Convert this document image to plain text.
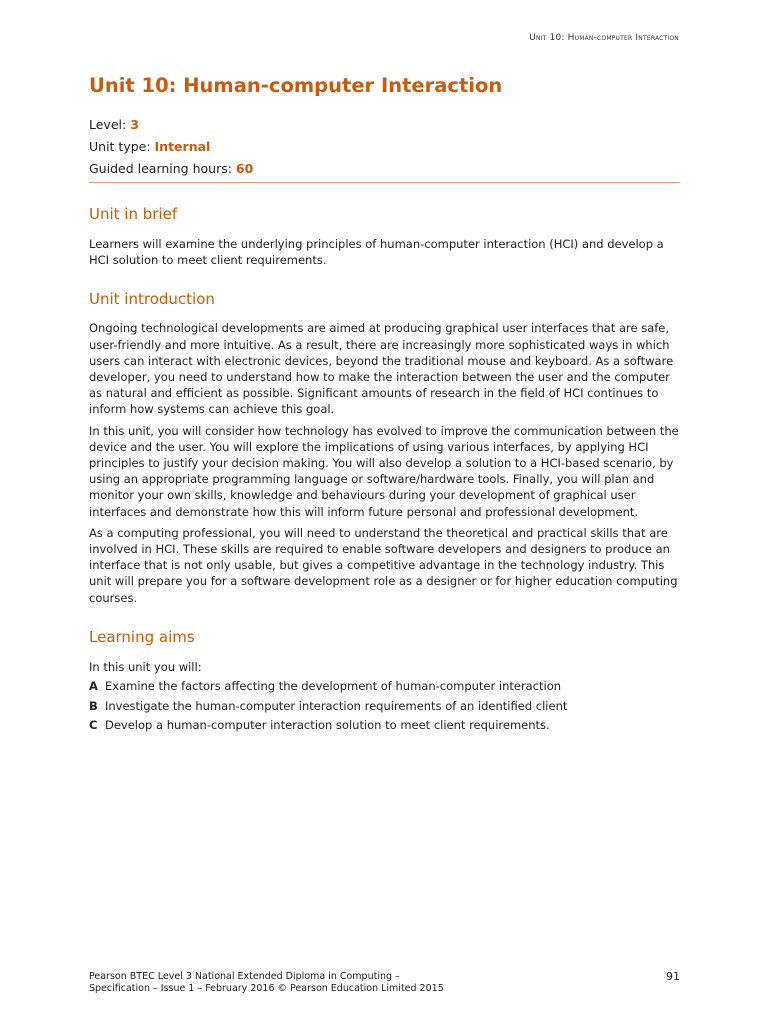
Unit 10: Human-computer Interaction
Unit 10: Human-computer Interaction
Level: 3
Unit type: Internal
Guided learning hours: 60
Unit in brief

Learners will examine the underlying principles of human-computer interaction (HCI) and develop a HCI solution to meet client requirements.

Unit introduction

Ongoing technological developments are aimed at producing graphical user interfaces that are safe, user-friendly and more intuitive. As a result, there are increasingly more sophisticated ways in which users can interact with electronic devices, beyond the traditional mouse and keyboard. As a software developer, you need to understand how to make the interaction between the user and the computer as natural and efficient as possible. Significant amounts of research in the field of HCI continues to inform how systems can achieve this goal.

In this unit, you will consider how technology has evolved to improve the communication between the device and the user. You will explore the implications of using various interfaces, by applying HCI principles to justify your decision making. You will also develop a solution to a HCI-based scenario, by using an appropriate programming language or software/hardware tools. Finally, you will plan and monitor your own skills, knowledge and behaviours during your development of graphical user interfaces and demonstrate how this will inform future personal and professional development.

As a computing professional, you will need to understand the theoretical and practical skills that are involved in HCI. These skills are required to enable software developers and designers to produce an interface that is not only usable, but gives a competitive advantage in the technology industry. This unit will prepare you for a software development role as a designer or for higher education computing courses.

Learning aims

In this unit you will:

A Examine the factors affecting the development of human-computer interaction
B Investigate the human-computer interaction requirements of an identified client
C Develop a human-computer interaction solution to meet client requirements.
Pearson BTEC Level 3 National Extended Diploma in Computing –
Specification – Issue 1 – February 2016 © Pearson Education Limited 2015
91
